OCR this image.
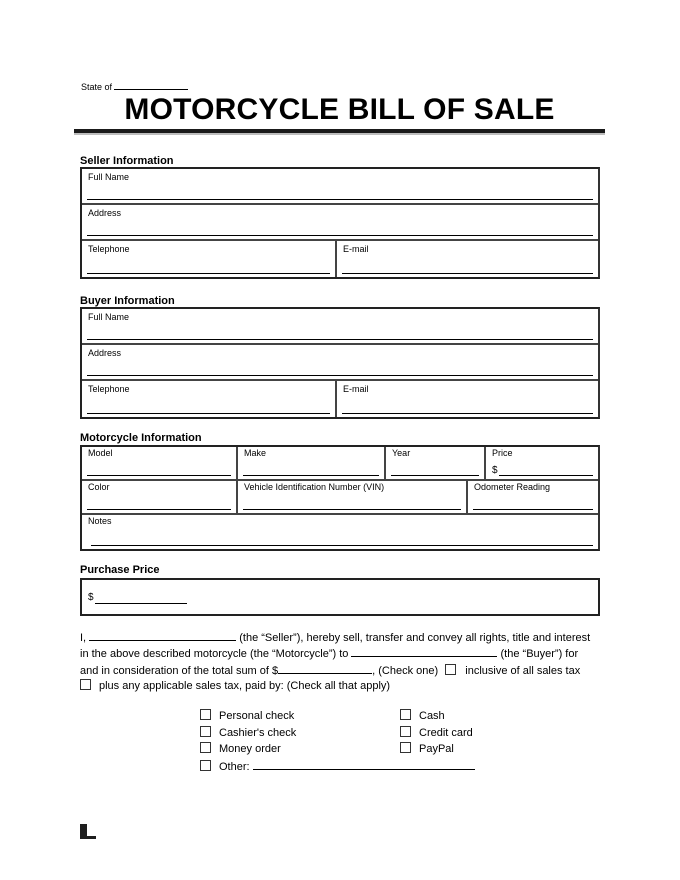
State of
MOTORCYCLE BILL OF SALE
Seller Information
Full Name
Address
Telephone	E-mail
Buyer Information
Full Name
Address
Telephone	E-mail
Motorcycle Information
Model	Make	Year	Price
$
Color	Vehicle Identification Number (VIN)	Odometer Reading
Notes
Purchase Price
$
I,	(the “Seller”), hereby sell, transfer and convey all rights, title and interest
in the above described motorcycle (the “Motorcycle”) to	(the “Buyer”) for
and in consideration of the total sum of $	, (Check one) inclusive of all sales tax
plus any applicable sales tax, paid by: (Check all that apply)
Personal check
Cashier's check
Money order
Other:
Cash
Credit card
PayPal
